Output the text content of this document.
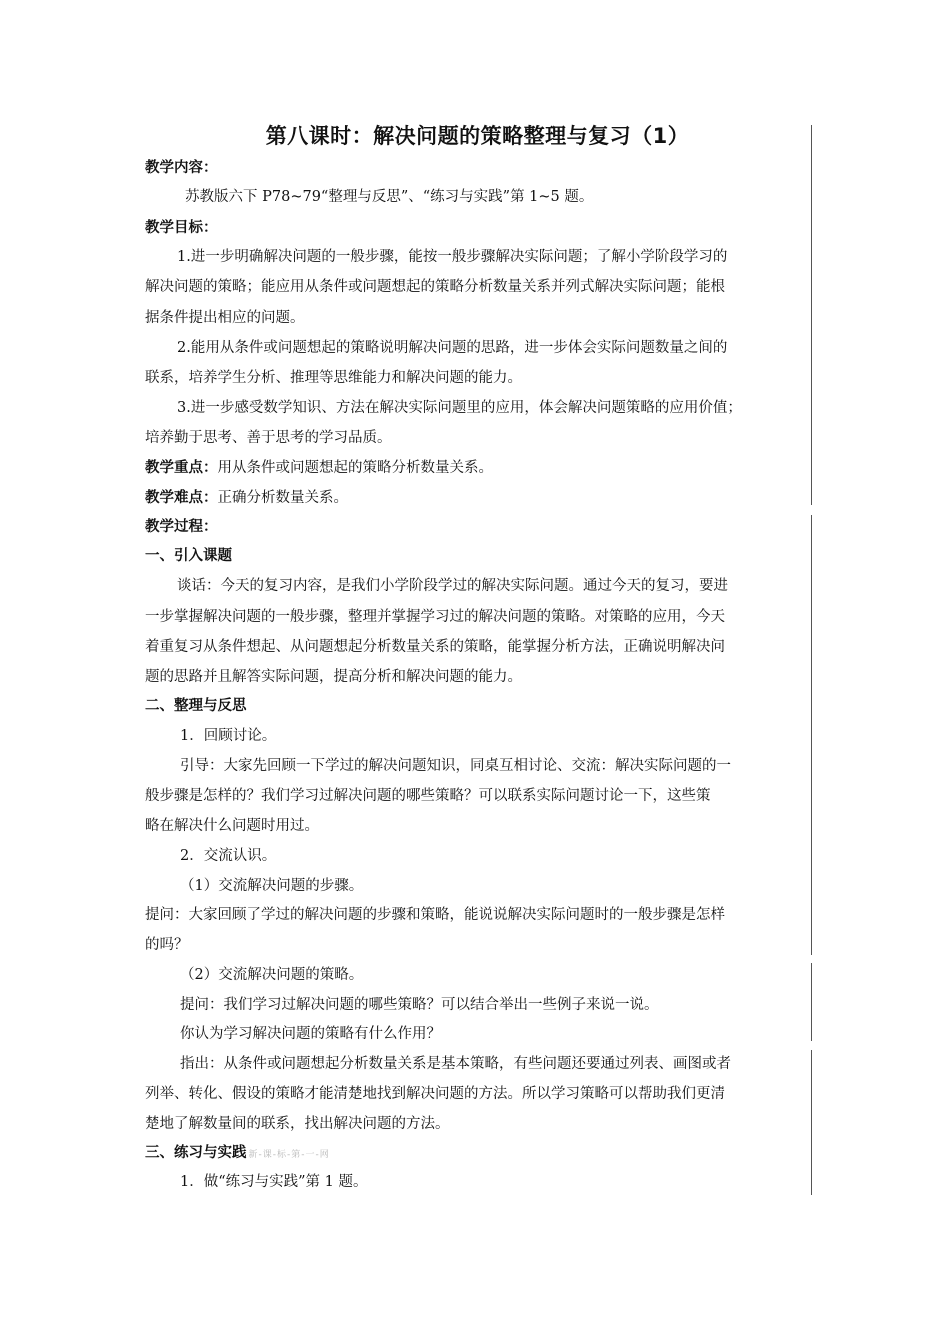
第八课时：解决问题的策略整理与复习（1）
教学内容：
苏教版六下 P78~79“整理与反思”、“练习与实践”第 1~5 题。
教学目标：
1.进一步明确解决问题的一般步骤，能按一般步骤解决实际问题；了解小学阶段学习的
解决问题的策略；能应用从条件或问题想起的策略分析数量关系并列式解决实际问题；能根
据条件提出相应的问题。
2.能用从条件或问题想起的策略说明解决问题的思路，进一步体会实际问题数量之间的
联系，培养学生分析、推理等思维能力和解决问题的能力。
3.进一步感受数学知识、方法在解决实际问题里的应用，体会解决问题策略的应用价值；
培养勤于思考、善于思考的学习品质。
教学重点：用从条件或问题想起的策略分析数量关系。
教学难点：正确分析数量关系。
教学过程：
一、引入课题
谈话：今天的复习内容，是我们小学阶段学过的解决实际问题。通过今天的复习，要进
一步掌握解决问题的一般步骤，整理并掌握学习过的解决问题的策略。对策略的应用，今天
着重复习从条件想起、从问题想起分析数量关系的策略，能掌握分析方法，正确说明解决问
题的思路并且解答实际问题，提高分析和解决问题的能力。
二、整理与反思
1．回顾讨论。
引导：大家先回顾一下学过的解决问题知识，同桌互相讨论、交流：解决实际问题的一
般步骤是怎样的？我们学习过解决问题的哪些策略？可以联系实际问题讨论一下，这些策
略在解决什么问题时用过。
2．交流认识。
（1）交流解决问题的步骤。
提问：大家回顾了学过的解决问题的步骤和策略，能说说解决实际问题时的一般步骤是怎样
的吗？
（2）交流解决问题的策略。
提问：我们学习过解决问题的哪些策略？可以结合举出一些例子来说一说。
你认为学习解决问题的策略有什么作用？
指出：从条件或问题想起分析数量关系是基本策略，有些问题还要通过列表、画图或者
列举、转化、假设的策略才能清楚地找到解决问题的方法。所以学习策略可以帮助我们更清
楚地了解数量间的联系，找出解决问题的方法。
三、练习与实践 新-课-标-第-一-网
1．做“练习与实践”第 1 题。
